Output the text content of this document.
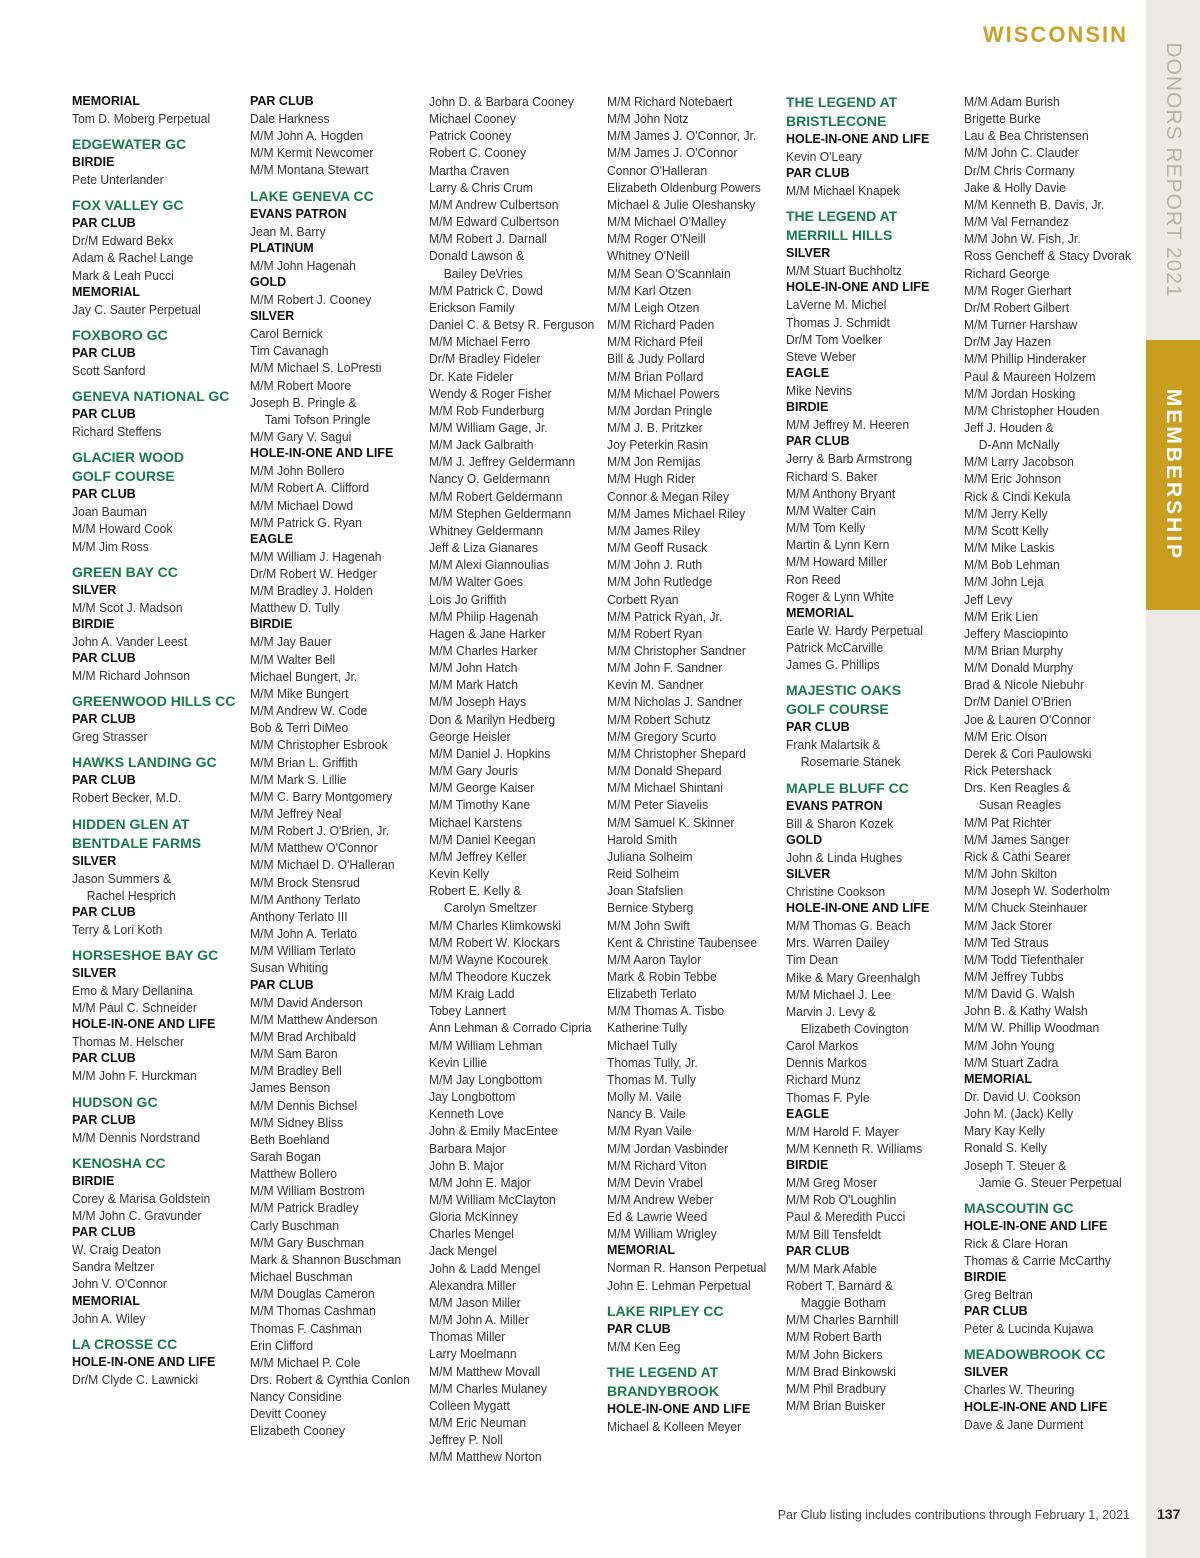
WISCONSIN
DONORS REPORT 2021
MEMBERSHIP
MEMORIAL
Tom D. Moberg Perpetual
EDGEWATER GC
BIRDIE
Pete Unterlander
FOX VALLEY GC
PAR CLUB
Dr/M Edward Bekx
Adam & Rachel Lange
Mark & Leah Pucci
MEMORIAL
Jay C. Sauter Perpetual
FOXBORO GC
PAR CLUB
Scott Sanford
GENEVA NATIONAL GC
PAR CLUB
Richard Steffens
GLACIER WOOD
GOLF COURSE
PAR CLUB
Joan Bauman
M/M Howard Cook
M/M Jim Ross
GREEN BAY CC
SILVER
M/M Scot J. Madson
BIRDIE
John A. Vander Leest
PAR CLUB
M/M Richard Johnson
GREENWOOD HILLS CC
PAR CLUB
Greg Strasser
HAWKS LANDING GC
PAR CLUB
Robert Becker, M.D.
HIDDEN GLEN AT
BENTDALE FARMS
SILVER
Jason Summers &
Rachel Hesprich
PAR CLUB
Terry & Lori Koth
HORSESHOE BAY GC
SILVER
Emo & Mary Dellanina
M/M Paul C. Schneider
HOLE-IN-ONE AND LIFE
Thomas M. Helscher
PAR CLUB
M/M John F. Hurckman
HUDSON GC
PAR CLUB
M/M Dennis Nordstrand
KENOSHA CC
BIRDIE
Corey & Marisa Goldstein
M/M John C. Gravunder
PAR CLUB
W. Craig Deaton
Sandra Meltzer
John V. O'Connor
MEMORIAL
John A. Wiley
LA CROSSE CC
HOLE-IN-ONE AND LIFE
Dr/M Clyde C. Lawnicki
PAR CLUB
Dale Harkness
M/M John A. Hogden
M/M Kermit Newcomer
M/M Montana Stewart
LAKE GENEVA CC
EVANS PATRON
Jean M. Barry
PLATINUM
M/M John Hagenah
GOLD
M/M Robert J. Cooney
SILVER
Carol Bernick
Tim Cavanagh
M/M Michael S. LoPresti
M/M Robert Moore
Joseph B. Pringle &
Tami Tofson Pringle
M/M Gary V. Sagui
HOLE-IN-ONE AND LIFE
M/M John Bollero
M/M Robert A. Clifford
M/M Michael Dowd
M/M Patrick G. Ryan
EAGLE
M/M William J. Hagenah
Dr/M Robert W. Hedger
M/M Bradley J. Holden
Matthew D. Tully
BIRDIE
M/M Jay Bauer
M/M Walter Bell
Michael Bungert, Jr.
M/M Mike Bungert
M/M Andrew W. Code
Bob & Terri DiMeo
M/M Christopher Esbrook
M/M Brian L. Griffith
M/M Mark S. Lillie
M/M C. Barry Montgomery
M/M Jeffrey Neal
M/M Robert J. O'Brien, Jr.
M/M Matthew O'Connor
M/M Michael D. O'Halleran
M/M Brock Stensrud
M/M Anthony Terlato
Anthony Terlato III
M/M John A. Terlato
M/M William Terlato
Susan Whiting
PAR CLUB
M/M David Anderson
M/M Matthew Anderson
M/M Brad Archibald
M/M Sam Baron
M/M Bradley Bell
James Benson
M/M Dennis Bichsel
M/M Sidney Bliss
Beth Boehland
Sarah Bogan
Matthew Bollero
M/M William Bostrom
M/M Patrick Bradley
Carly Buschman
M/M Gary Buschman
Mark & Shannon Buschman
Michael Buschman
M/M Douglas Cameron
M/M Thomas Cashman
Thomas F. Cashman
Erin Clifford
M/M Michael P. Cole
Drs. Robert & Cynthia Conlon
Nancy Considine
Devitt Cooney
Elizabeth Cooney
John D. & Barbara Cooney
Michael Cooney
Patrick Cooney
Robert C. Cooney
Martha Craven
Larry & Chris Crum
M/M Andrew Culbertson
M/M Edward Culbertson
M/M Robert J. Darnall
Donald Lawson &
Bailey DeVries
M/M Patrick C. Dowd
Erickson Family
Daniel C. & Betsy R. Ferguson
M/M Michael Ferro
Dr/M Bradley Fideler
Dr. Kate Fideler
Wendy & Roger Fisher
M/M Rob Funderburg
M/M William Gage, Jr.
M/M Jack Galbraith
M/M J. Jeffrey Geldermann
Nancy O. Geldermann
M/M Robert Geldermann
M/M Stephen Geldermann
Whitney Geldermann
Jeff & Liza Gianares
M/M Alexi Giannoulias
M/M Walter Goes
Lois Jo Griffith
M/M Philip Hagenah
Hagen & Jane Harker
M/M Charles Harker
M/M John Hatch
M/M Mark Hatch
M/M Joseph Hays
Don & Marilyn Hedberg
George Heisler
M/M Daniel J. Hopkins
M/M Gary Jouris
M/M George Kaiser
M/M Timothy Kane
Michael Karstens
M/M Daniel Keegan
M/M Jeffrey Keller
Kevin Kelly
Robert E. Kelly &
Carolyn Smeltzer
M/M Charles Klimkowski
M/M Robert W. Klockars
M/M Wayne Kocourek
M/M Theodore Kuczek
M/M Kraig Ladd
Tobey Lannert
Ann Lehman & Corrado Cipria
M/M William Lehman
Kevin Lillie
M/M Jay Longbottom
Jay Longbottom
Kenneth Love
John & Emily MacEntee
Barbara Major
John B. Major
M/M John E. Major
M/M William McClayton
Gloria McKinney
Charles Mengel
Jack Mengel
John & Ladd Mengel
Alexandra Miller
M/M Jason Miller
M/M John A. Miller
Thomas Miller
Larry Moelmann
M/M Matthew Movall
M/M Charles Mulaney
Colleen Mygatt
M/M Eric Neuman
Jeffrey P. Noll
M/M Matthew Norton
M/M Richard Notebaert
M/M John Notz
M/M James J. O'Connor, Jr.
M/M James J. O'Connor
Connor O'Halleran
Elizabeth Oldenburg Powers
Michael & Julie Oleshansky
M/M Michael O'Malley
M/M Roger O'Neill
Whitney O'Neill
M/M Sean O'Scannlain
M/M Karl Otzen
M/M Leigh Otzen
M/M Richard Paden
M/M Richard Pfeil
Bill & Judy Pollard
M/M Brian Pollard
M/M Michael Powers
M/M Jordan Pringle
M/M J. B. Pritzker
Joy Peterkin Rasin
M/M Jon Remijas
M/M Hugh Rider
Connor & Megan Riley
M/M James Michael Riley
M/M James Riley
M/M Geoff Rusack
M/M John J. Ruth
M/M John Rutledge
Corbett Ryan
M/M Patrick Ryan, Jr.
M/M Robert Ryan
M/M Christopher Sandner
M/M John F. Sandner
Kevin M. Sandner
M/M Nicholas J. Sandner
M/M Robert Schutz
M/M Gregory Scurto
M/M Christopher Shepard
M/M Donald Shepard
M/M Michael Shintani
M/M Peter Siavelis
M/M Samuel K. Skinner
Harold Smith
Juliana Solheim
Reid Solheim
Joan Stafslien
Bernice Styberg
M/M John Swift
Kent & Christine Taubensee
M/M Aaron Taylor
Mark & Robin Tebbe
Elizabeth Terlato
M/M Thomas A. Tisbo
Katherine Tully
Michael Tully
Thomas Tully, Jr.
Thomas M. Tully
Molly M. Vaile
Nancy B. Vaile
M/M Ryan Vaile
M/M Jordan Vasbinder
M/M Richard Viton
M/M Devin Vrabel
M/M Andrew Weber
Ed & Lawrie Weed
M/M William Wrigley
MEMORIAL
Norman R. Hanson Perpetual
John E. Lehman Perpetual
LAKE RIPLEY CC
PAR CLUB
M/M Ken Eeg
THE LEGEND AT
BRANDYBROOK
HOLE-IN-ONE AND LIFE
Michael & Kolleen Meyer
THE LEGEND AT
BRISTLECONE
HOLE-IN-ONE AND LIFE
Kevin O'Leary
PAR CLUB
M/M Michael Knapek
THE LEGEND AT
MERRILL HILLS
SILVER
M/M Stuart Buchholtz
HOLE-IN-ONE AND LIFE
LaVerne M. Michel
Thomas J. Schmidt
Dr/M Tom Voelker
Steve Weber
EAGLE
Mike Nevins
BIRDIE
M/M Jeffrey M. Heeren
PAR CLUB
Jerry & Barb Armstrong
Richard S. Baker
M/M Anthony Bryant
M/M Walter Cain
M/M Tom Kelly
Martin & Lynn Kern
M/M Howard Miller
Ron Reed
Roger & Lynn White
MEMORIAL
Earle W. Hardy Perpetual
Patrick McCarville
James G. Phillips
MAJESTIC OAKS
GOLF COURSE
PAR CLUB
Frank Malartsik &
Rosemarie Stanek
MAPLE BLUFF CC
EVANS PATRON
Bill & Sharon Kozek
GOLD
John & Linda Hughes
SILVER
Christine Cookson
HOLE-IN-ONE AND LIFE
M/M Thomas G. Beach
Mrs. Warren Dailey
Tim Dean
Mike & Mary Greenhalgh
M/M Michael J. Lee
Marvin J. Levy &
Elizabeth Covington
Carol Markos
Dennis Markos
Richard Munz
Thomas F. Pyle
EAGLE
M/M Harold F. Mayer
M/M Kenneth R. Williams
BIRDIE
M/M Greg Moser
M/M Rob O'Loughlin
Paul & Meredith Pucci
M/M Bill Tensfeldt
PAR CLUB
M/M Mark Afable
Robert T. Barnard &
Maggie Botham
M/M Charles Barnhill
M/M Robert Barth
M/M John Bickers
M/M Brad Binkowski
M/M Phil Bradbury
M/M Brian Buisker
M/M Adam Burish
Brigette Burke
Lau & Bea Christensen
M/M John C. Clauder
Dr/M Chris Cormany
Jake & Holly Davie
M/M Kenneth B. Davis, Jr.
M/M Val Fernandez
M/M John W. Fish, Jr.
Ross Gencheff & Stacy Dvorak
Richard George
M/M Roger Gierhart
Dr/M Robert Gilbert
M/M Turner Harshaw
Dr/M Jay Hazen
M/M Phillip Hinderaker
Paul & Maureen Holzem
M/M Jordan Hosking
M/M Christopher Houden
Jeff J. Houden &
D-Ann McNally
M/M Larry Jacobson
M/M Eric Johnson
Rick & Cindi Kekula
M/M Jerry Kelly
M/M Scott Kelly
M/M Mike Laskis
M/M Bob Lehman
M/M John Leja
Jeff Levy
M/M Erik Lien
Jeffery Masciopinto
M/M Brian Murphy
M/M Donald Murphy
Brad & Nicole Niebuhr
Dr/M Daniel O'Brien
Joe & Lauren O'Connor
M/M Eric Olson
Derek & Cori Paulowski
Rick Petershack
Drs. Ken Reagles &
Susan Reagles
M/M Pat Richter
M/M James Sanger
Rick & Cathi Searer
M/M John Skilton
M/M Joseph W. Soderholm
M/M Chuck Steinhauer
M/M Jack Storer
M/M Ted Straus
M/M Todd Tiefenthaler
M/M Jeffrey Tubbs
M/M David G. Walsh
John B. & Kathy Walsh
M/M W. Phillip Woodman
M/M John Young
M/M Stuart Zadra
MEMORIAL
Dr. David U. Cookson
John M. (Jack) Kelly
Mary Kay Kelly
Ronald S. Kelly
Joseph T. Steuer &
Jamie G. Steuer Perpetual
MASCOUTIN GC
HOLE-IN-ONE AND LIFE
Rick & Clare Horan
Thomas & Carrie McCarthy
BIRDIE
Greg Beltran
PAR CLUB
Peter & Lucinda Kujawa
MEADOWBROOK CC
SILVER
Charles W. Theuring
HOLE-IN-ONE AND LIFE
Dave & Jane Durment
Par Club listing includes contributions through February 1, 2021 137
